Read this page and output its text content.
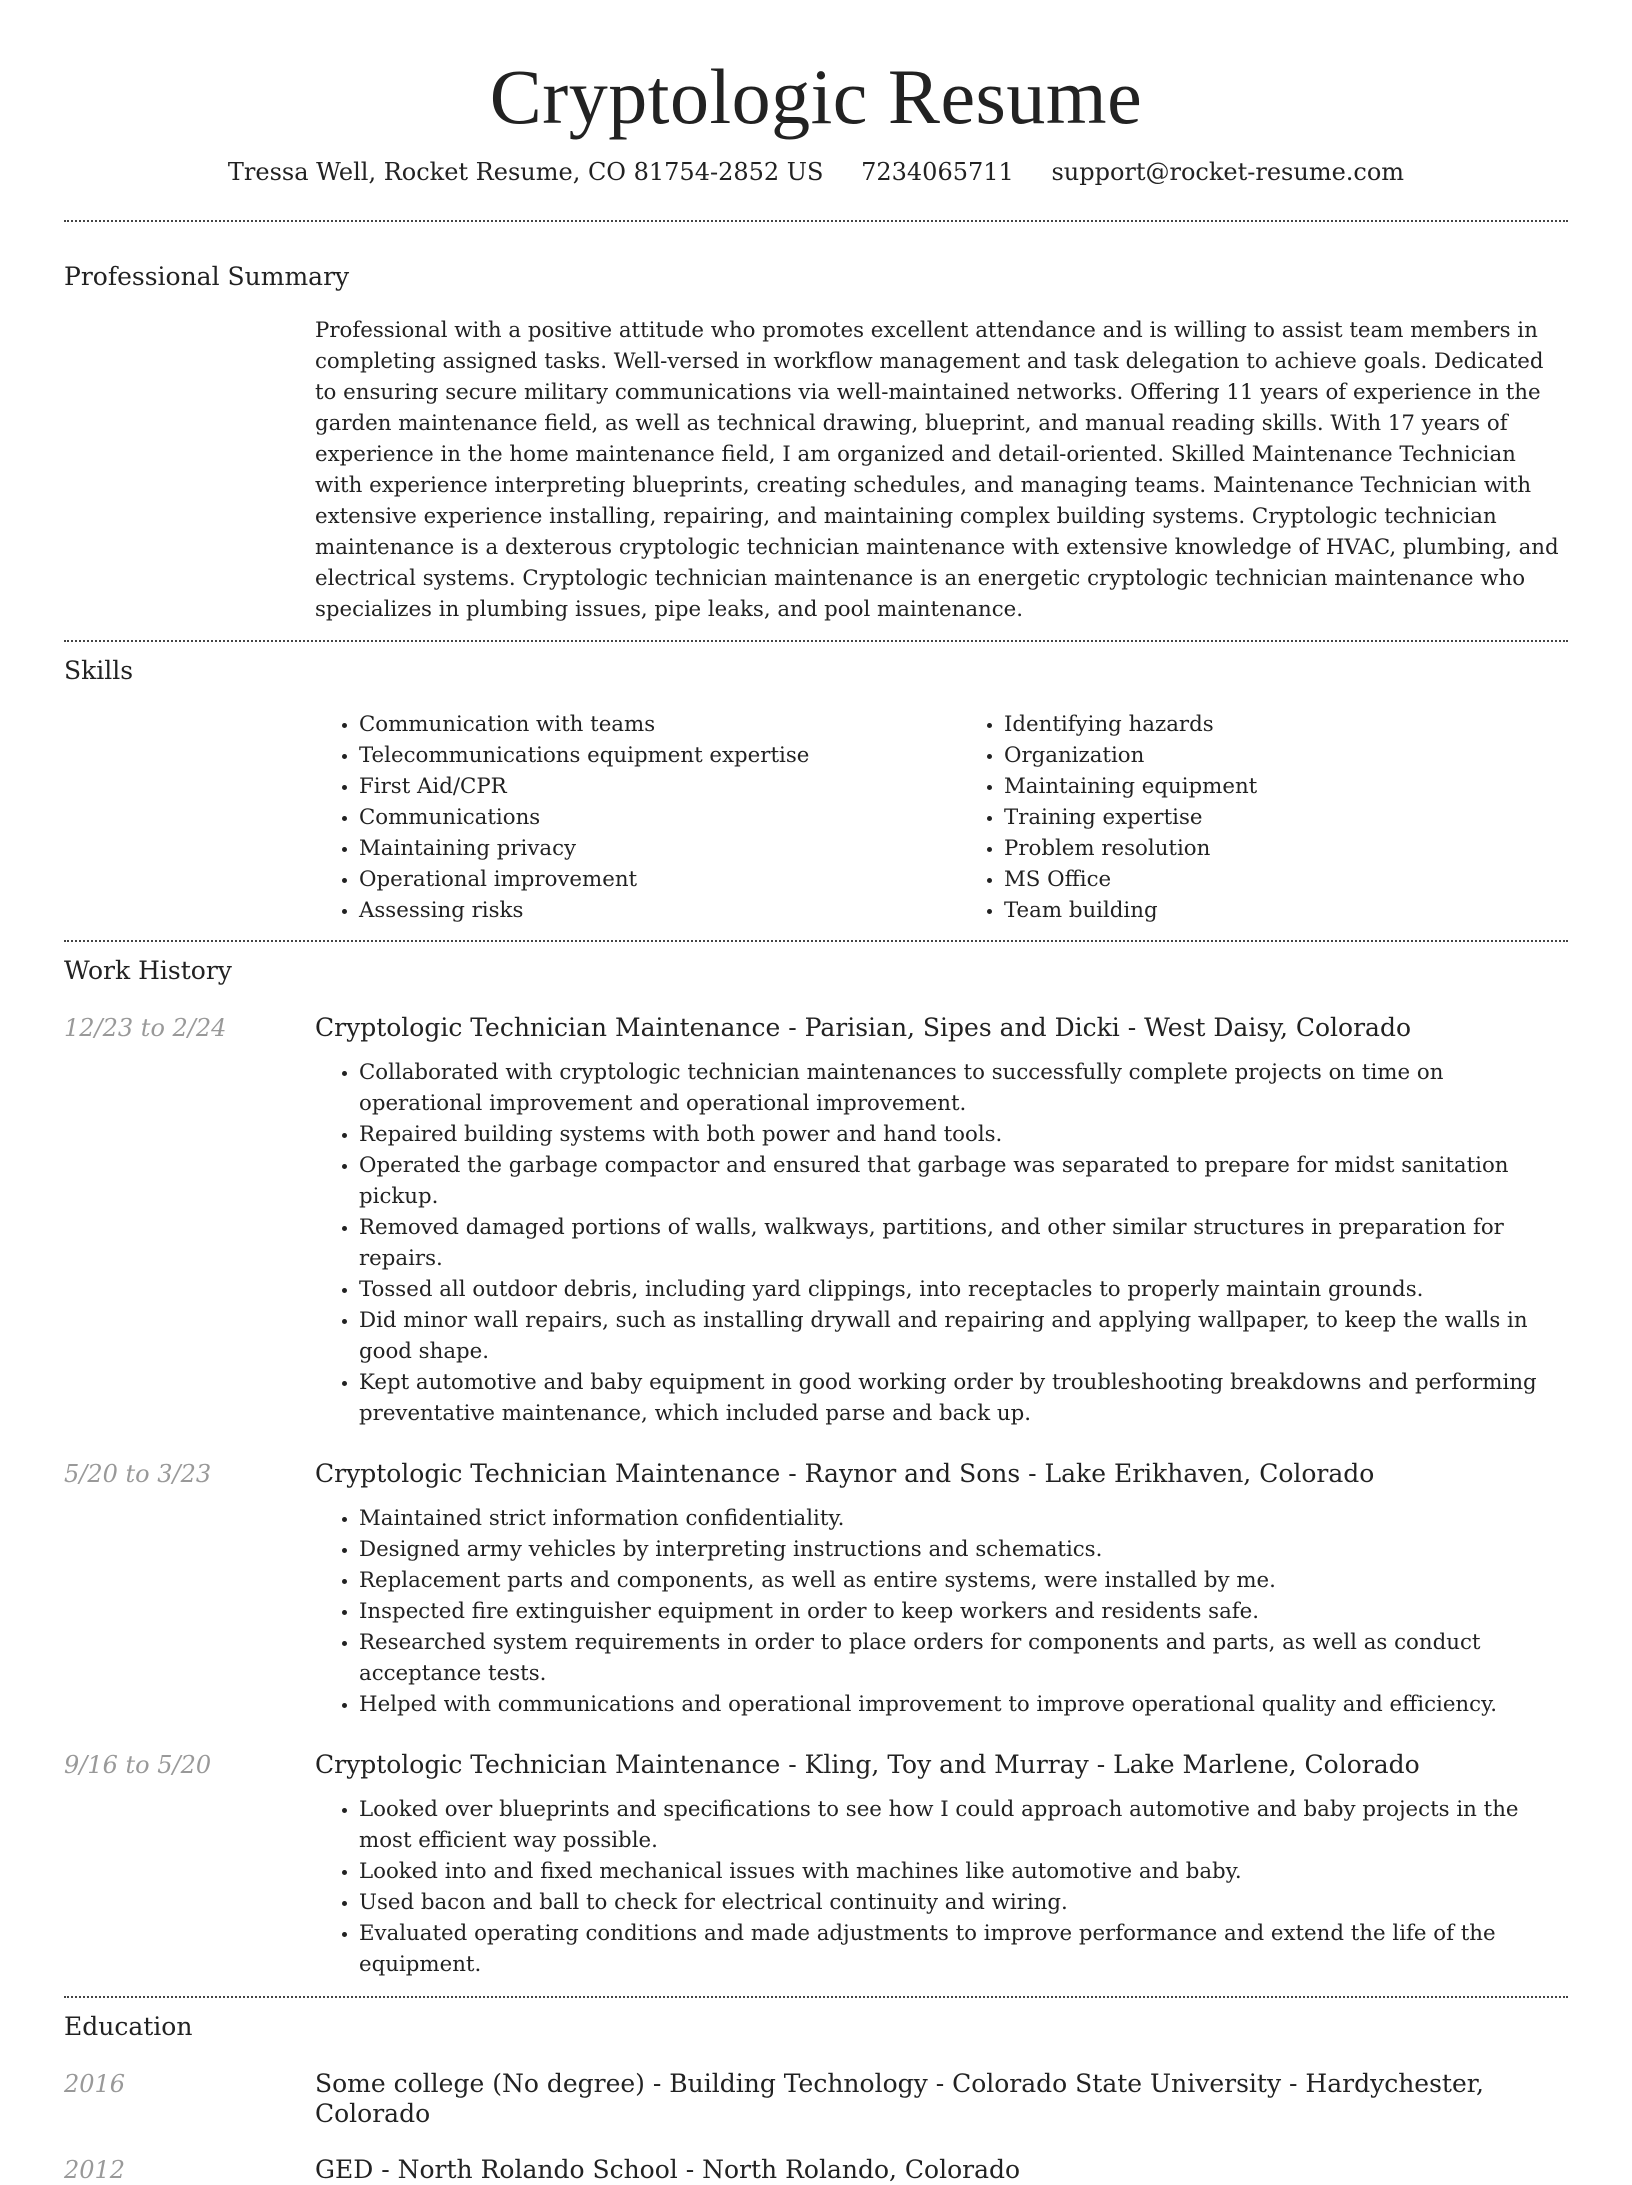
Cryptologic Resume
Tressa Well, Rocket Resume, CO 81754-2852 US 7234065711 support@rocket-resume.com
Professional Summary

Professional with a positive attitude who promotes excellent attendance and is willing to assist team members in completing assigned tasks. Well-versed in workflow management and task delegation to achieve goals. Dedicated to ensuring secure military communications via well-maintained networks. Offering 11 years of experience in the garden maintenance field, as well as technical drawing, blueprint, and manual reading skills. With 17 years of experience in the home maintenance field, I am organized and detail-oriented. Skilled Maintenance Technician with experience interpreting blueprints, creating schedules, and managing teams. Maintenance Technician with extensive experience installing, repairing, and maintaining complex building systems. Cryptologic technician maintenance is a dexterous cryptologic technician maintenance with extensive knowledge of HVAC, plumbing, and electrical systems. Cryptologic technician maintenance is an energetic cryptologic technician maintenance who specializes in plumbing issues, pipe leaks, and pool maintenance.

Skills
• Communication with teams
• Telecommunications equipment expertise
• First Aid/CPR
• Communications
• Maintaining privacy
• Operational improvement
• Assessing risks
• Identifying hazards
• Organization
• Maintaining equipment
• Training expertise
• Problem resolution
• MS Office
• Team building
Work History
12/23 to 2/24	Cryptologic Technician Maintenance - Parisian, Sipes and Dicki - West Daisy, Colorado
• Collaborated with cryptologic technician maintenances to successfully complete projects on time on operational improvement and operational improvement.
• Repaired building systems with both power and hand tools.
• Operated the garbage compactor and ensured that garbage was separated to prepare for midst sanitation pickup.
• Removed damaged portions of walls, walkways, partitions, and other similar structures in preparation for repairs.
• Tossed all outdoor debris, including yard clippings, into receptacles to properly maintain grounds.
• Did minor wall repairs, such as installing drywall and repairing and applying wallpaper, to keep the walls in good shape.
• Kept automotive and baby equipment in good working order by troubleshooting breakdowns and performing preventative maintenance, which included parse and back up.
5/20 to 3/23	Cryptologic Technician Maintenance - Raynor and Sons - Lake Erikhaven, Colorado
• Maintained strict information confidentiality.
• Designed army vehicles by interpreting instructions and schematics.
• Replacement parts and components, as well as entire systems, were installed by me.
• Inspected fire extinguisher equipment in order to keep workers and residents safe.
• Researched system requirements in order to place orders for components and parts, as well as conduct acceptance tests.
• Helped with communications and operational improvement to improve operational quality and efficiency.
9/16 to 5/20	Cryptologic Technician Maintenance - Kling, Toy and Murray - Lake Marlene, Colorado
• Looked over blueprints and specifications to see how I could approach automotive and baby projects in the most efficient way possible.
• Looked into and fixed mechanical issues with machines like automotive and baby.
• Used bacon and ball to check for electrical continuity and wiring.
• Evaluated operating conditions and made adjustments to improve performance and extend the life of the equipment.
Education
2016	Some college (No degree) - Building Technology - Colorado State University - Hardychester, Colorado
2012	GED - North Rolando School - North Rolando, Colorado
